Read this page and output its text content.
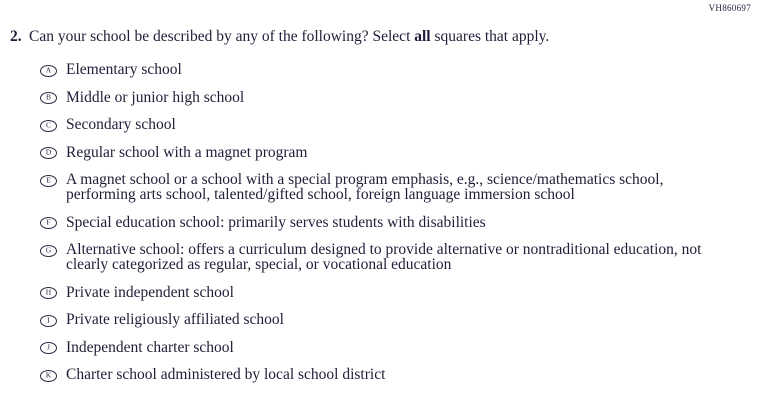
VH860697
2. Can your school be described by any of the following? Select all squares that apply.
A Elementary school
B Middle or junior high school
C Secondary school
D Regular school with a magnet program
E A magnet school or a school with a special program emphasis, e.g., science/mathematics school, performing arts school, talented/gifted school, foreign language immersion school
F Special education school: primarily serves students with disabilities
G Alternative school: offers a curriculum designed to provide alternative or nontraditional education, not clearly categorized as regular, special, or vocational education
H Private independent school
I Private religiously affiliated school
J Independent charter school
K Charter school administered by local school district
